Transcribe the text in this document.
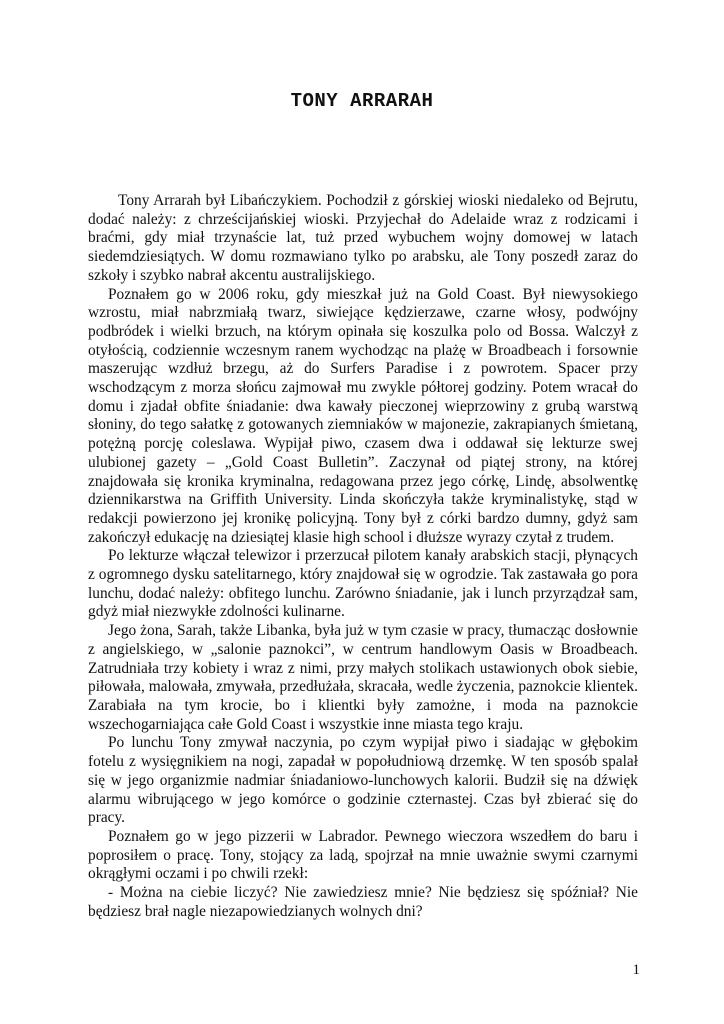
TONY ARRARAH

Tony Arrarah był Libańczykiem. Pochodził z górskiej wioski niedaleko od Bejrutu, dodać należy: z chrześcijańskiej wioski. Przyjechał do Adelaide wraz z rodzicami i braćmi, gdy miał trzynaście lat, tuż przed wybuchem wojny domowej w latach siedemdziesiątych. W domu rozmawiano tylko po arabsku, ale Tony poszedł zaraz do szkoły i szybko nabrał akcentu australijskiego.

Poznałem go w 2006 roku, gdy mieszkał już na Gold Coast. Był niewysokiego wzrostu, miał nabrzmiałą twarz, siwiejące kędzierzawe, czarne włosy, podwójny podbródek i wielki brzuch, na którym opinała się koszulka polo od Bossa. Walczył z otyłością, codziennie wczesnym ranem wychodząc na plażę w Broadbeach i forsownie maszerując wzdłuż brzegu, aż do Surfers Paradise i z powrotem. Spacer przy wschodzącym z morza słońcu zajmował mu zwykle półtorej godziny. Potem wracał do domu i zjadał obfite śniadanie: dwa kawały pieczonej wieprzowiny z grubą warstwą słoniny, do tego sałatkę z gotowanych ziemniaków w majonezie, zakrapianych śmietaną, potężną porcję coleslawa. Wypijał piwo, czasem dwa i oddawał się lekturze swej ulubionej gazety – „Gold Coast Bulletin”. Zaczynał od piątej strony, na której znajdowała się kronika kryminalna, redagowana przez jego córkę, Lindę, absolwentkę dziennikarstwa na Griffith University. Linda skończyła także kryminalistykę, stąd w redakcji powierzono jej kronikę policyjną. Tony był z córki bardzo dumny, gdyż sam zakończył edukację na dziesiątej klasie high school i dłuższe wyrazy czytał z trudem.

Po lekturze włączał telewizor i przerzucał pilotem kanały arabskich stacji, płynących z ogromnego dysku satelitarnego, który znajdował się w ogrodzie. Tak zastawała go pora lunchu, dodać należy: obfitego lunchu. Zarówno śniadanie, jak i lunch przyrządzał sam, gdyż miał niezwykłe zdolności kulinarne.

Jego żona, Sarah, także Libanka, była już w tym czasie w pracy, tłumacząc dosłownie z angielskiego, w „salonie paznokci”, w centrum handlowym Oasis w Broadbeach. Zatrudniała trzy kobiety i wraz z nimi, przy małych stolikach ustawionych obok siebie, piłowała, malowała, zmywała, przedłużała, skracała, wedle życzenia, paznokcie klientek. Zarabiała na tym krocie, bo i klientki były zamożne, i moda na paznokcie wszechogarniająca całe Gold Coast i wszystkie inne miasta tego kraju.

Po lunchu Tony zmywał naczynia, po czym wypijał piwo i siadając w głębokim fotelu z wysięgnikiem na nogi, zapadał w popołudniową drzemkę. W ten sposób spalał się w jego organizmie nadmiar śniadaniowo-lunchowych kalorii. Budził się na dźwięk alarmu wibrującego w jego komórce o godzinie czternastej. Czas był zbierać się do pracy.

Poznałem go w jego pizzerii w Labrador. Pewnego wieczora wszedłem do baru i poprosiłem o pracę. Tony, stojący za ladą, spojrzał na mnie uważnie swymi czarnymi okrągłymi oczami i po chwili rzekł:

- Można na ciebie liczyć? Nie zawiedziesz mnie? Nie będziesz się spóźniał? Nie będziesz brał nagle niezapowiedzianych wolnych dni?

1
